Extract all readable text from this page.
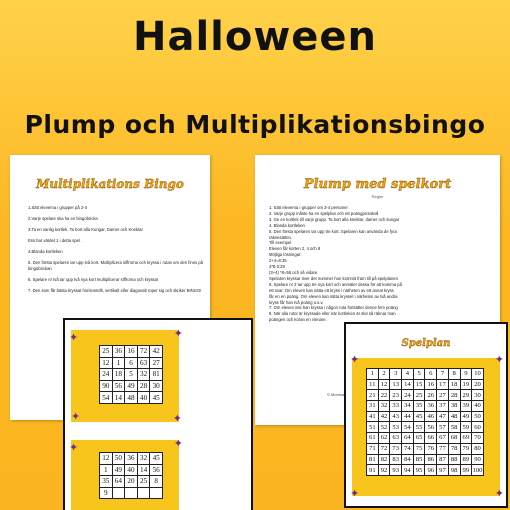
Halloween
Plump och Multiplikationsbingo
Multiplikations Bingo
1.Sätt eleverna i grupper på 2-4
2.Varje spelare ska ha en bingobricka
3.Ta en vanlig kortlek. Ta bort alla Kungar, Damer och Knektar
Ess har värdet 1 i detta spel .
4.Blanda kortleken
5. Den första spelaren tar upp två kort. Multiplicera siffrorna och kryssa i rutan om den finns på bingobrickan
6. Spelare nr två tar upp två nya kort multiplicerar siffrorna och kryssar
7. Den som får bästa kryssat horisontellt, vertikalt eller diagonalt roper sig och skriker BINGO!
Plump med spelkort
Regler
1. Sätt eleverna i grupper om 3-4 personer
2. Varje grupp måste ha en spelplan och ett poängprotokoll
3. Ge en kortlek till varje grupp. Ta bort alla knektar, damer och kungar
4. Blanda kortleken
5. Den första spelaren tar upp tre kort. Spelaren kan använda de fyra
räknesätten.
Till exempel
Eleven får korten 2, 4 och 8
Möjliga lösningar:
2+4=8:35
4*8-3:29
(3+4) *8=56 och så vidare
Spelaren kryssar över det nummer hon kommit fram till på spelplanen
6. Spelare nr 2 tar upp tre nya kort och anmäler dessa för att komma på
ett svar. Om eleven kan sätta ett kryss i närheten av ett annat kryss
får en en poäng. Om eleven kan sätta krysset i närheten av två andra
kryss får han två poäng o.s.v.
7. Om eleven inte kan kryssa i någon ruta fortsätter denne fem poäng
8. När alla rutor är kryssade eller när kortleken är slut så räknar man
poängen och koran en vinnare.
© Monica
✦	✦
✦	✦
25	36	16	72	42
12	1	6	63	27
24	18	5	32	81
90	56	49	28	30
54	14	48	40	45
✦	✦
12	50	36	32	45
1	49	40	14	56
35	64	20	25	8
9				
Spelplan
✦	✦
✦	✦
1	2	3	4	5	6	7	8	9	10
11	12	13	14	15	16	17	18	19	20
21	22	23	24	25	26	27	28	29	30
31	32	33	34	35	36	37	38	39	40
41	42	43	44	45	46	47	48	49	50
51	52	53	54	55	56	57	58	59	60
61	62	63	64	65	66	67	68	69	70
71	72	73	74	75	76	77	78	79	80
81	82	83	84	85	86	87	88	89	90
91	92	93	94	95	96	97	98	99	100
